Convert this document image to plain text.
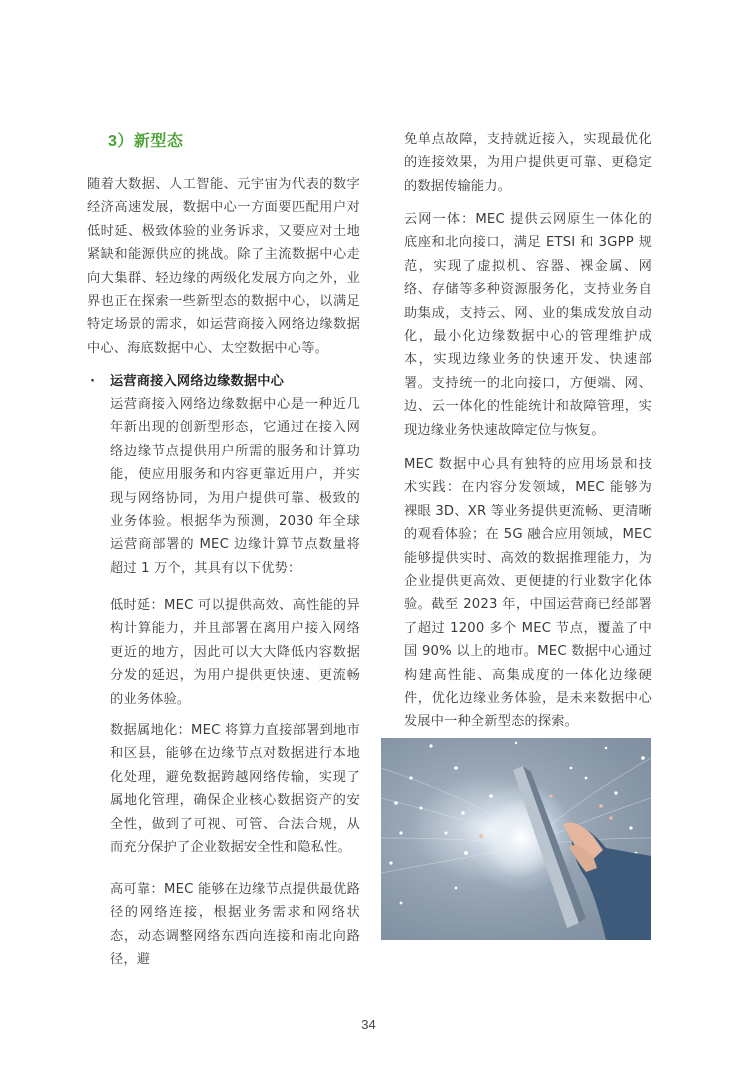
3）新型态

随着大数据、人工智能、元宇宙为代表的数字经济高速发展，数据中心一方面要匹配用户对低时延、极致体验的业务诉求，又要应对土地紧缺和能源供应的挑战。除了主流数据中心走向大集群、轻边缘的两级化发展方向之外，业界也正在探索一些新型态的数据中心，以满足特定场景的需求，如运营商接入网络边缘数据中心、海底数据中心、太空数据中心等。

· 运营商接入网络边缘数据中心

运营商接入网络边缘数据中心是一种近几年新出现的创新型形态，它通过在接入网络边缘节点提供用户所需的服务和计算功能，使应用服务和内容更靠近用户，并实现与网络协同，为用户提供可靠、极致的业务体验。根据华为预测，2030 年全球运营商部署的 MEC 边缘计算节点数量将超过 1 万个，其具有以下优势：

低时延：MEC 可以提供高效、高性能的异构计算能力，并且部署在离用户接入网络更近的地方，因此可以大大降低内容数据分发的延迟，为用户提供更快速、更流畅的业务体验。

数据属地化：MEC 将算力直接部署到地市和区县，能够在边缘节点对数据进行本地化处理，避免数据跨越网络传输，实现了属地化管理，确保企业核心数据资产的安全性，做到了可视、可管、合法合规，从而充分保护了企业数据安全性和隐私性。

高可靠：MEC 能够在边缘节点提供最优路径的网络连接，根据业务需求和网络状态，动态调整网络东西向连接和南北向路径，避

免单点故障，支持就近接入，实现最优化的连接效果，为用户提供更可靠、更稳定的数据传输能力。

云网一体：MEC 提供云网原生一体化的底座和北向接口，满足 ETSI 和 3GPP 规范，实现了虚拟机、容器、裸金属、网络、存储等多种资源服务化，支持业务自助集成，支持云、网、业的集成发放自动化，最小化边缘数据中心的管理维护成本，实现边缘业务的快速开发、快速部署。支持统一的北向接口，方便端、网、边、云一体化的性能统计和故障管理，实现边缘业务快速故障定位与恢复。

MEC 数据中心具有独特的应用场景和技术实践：在内容分发领域，MEC 能够为裸眼 3D、XR 等业务提供更流畅、更清晰的观看体验；在 5G 融合应用领域，MEC 能够提供实时、高效的数据推理能力，为企业提供更高效、更便捷的行业数字化体验。截至 2023 年，中国运营商已经部署了超过 1200 多个 MEC 节点，覆盖了中国 90% 以上的地市。MEC 数据中心通过构建高性能、高集成度的一体化边缘硬件，优化边缘业务体验，是未来数据中心发展中一种全新型态的探索。

34
